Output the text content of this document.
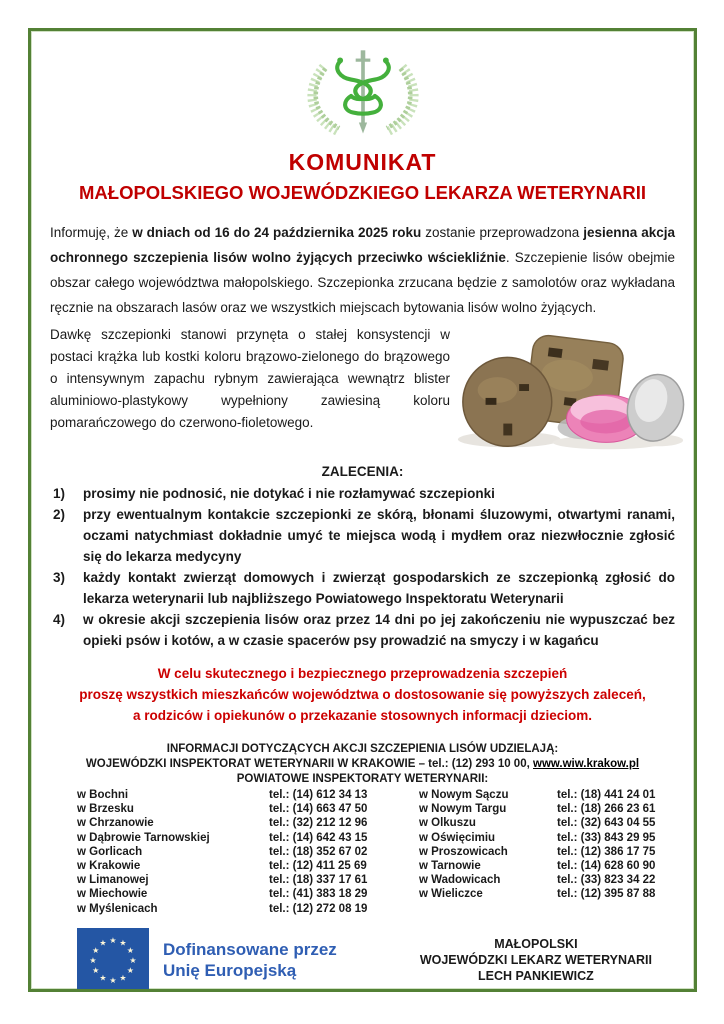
KOMUNIKAT
MAŁOPOLSKIEGO WOJEWÓDZKIEGO LEKARZA WETERYNARII

Informuję, że w dniach od 16 do 24 października 2025 roku zostanie przeprowadzona jesienna akcja ochronnego szczepienia lisów wolno żyjących przeciwko wściekliźnie. Szczepienie lisów obejmie obszar całego województwa małopolskiego. Szczepionka zrzucana będzie z samolotów oraz wykładana ręcznie na obszarach lasów oraz we wszystkich miejscach bytowania lisów wolno żyjących.

Dawkę szczepionki stanowi przynęta o stałej konsystencji w postaci krążka lub kostki koloru brązowo-zielonego do brązowego o intensywnym zapachu rybnym zawierająca wewnątrz blister aluminiowo-plastykowy wypełniony zawiesiną koloru pomarańczowego do czerwono-fioletowego.

ZALECENIA:
1)	prosimy nie podnosić, nie dotykać i nie rozłamywać szczepionki
2)	przy ewentualnym kontakcie szczepionki ze skórą, błonami śluzowymi, otwartymi ranami, oczami natychmiast dokładnie umyć te miejsca wodą i mydłem oraz niezwłocznie zgłosić się do lekarza medycyny
3)	każdy kontakt zwierząt domowych i zwierząt gospodarskich ze szczepionką zgłosić do lekarza weterynarii lub najbliższego Powiatowego Inspektoratu Weterynarii
4)	w okresie akcji szczepienia lisów oraz przez 14 dni po jej zakończeniu nie wypuszczać bez opieki psów i kotów, a w czasie spacerów psy prowadzić na smyczy i w kagańcu
W celu skutecznego i bezpiecznego przeprowadzenia szczepień
proszę wszystkich mieszkańców województwa o dostosowanie się powyższych zaleceń,
a rodziców i opiekunów o przekazanie stosownych informacji dzieciom.
INFORMACJI DOTYCZĄCYCH AKCJI SZCZEPIENIA LISÓW UDZIELAJĄ:
WOJEWÓDZKI INSPEKTORAT WETERYNARII W KRAKOWIE – tel.: (12) 293 10 00, www.wiw.krakow.pl
POWIATOWE INSPEKTORATY WETERYNARII:
w Bochni	tel.: (14) 612 34 13	w Nowym Sączu	tel.: (18) 441 24 01
w Brzesku	tel.: (14) 663 47 50	w Nowym Targu	tel.: (18) 266 23 61
w Chrzanowie	tel.: (32) 212 12 96	w Olkuszu	tel.: (32) 643 04 55
w Dąbrowie Tarnowskiej	tel.: (14) 642 43 15	w Oświęcimiu	tel.: (33) 843 29 95
w Gorlicach	tel.: (18) 352 67 02	w Proszowicach	tel.: (12) 386 17 75
w Krakowie	tel.: (12) 411 25 69	w Tarnowie	tel.: (14) 628 60 90
w Limanowej	tel.: (18) 337 17 61	w Wadowicach	tel.: (33) 823 34 22
w Miechowie	tel.: (41) 383 18 29	w Wieliczce	tel.: (12) 395 87 88
w Myślenicach	tel.: (12) 272 08 19
★
★
★
★
★
★
★
★
★ ★ ★
★ Dofinansowane przez
Unię Europejską
MAŁOPOLSKI
WOJEWÓDZKI LEKARZ WETERYNARII
LECH PANKIEWICZ
